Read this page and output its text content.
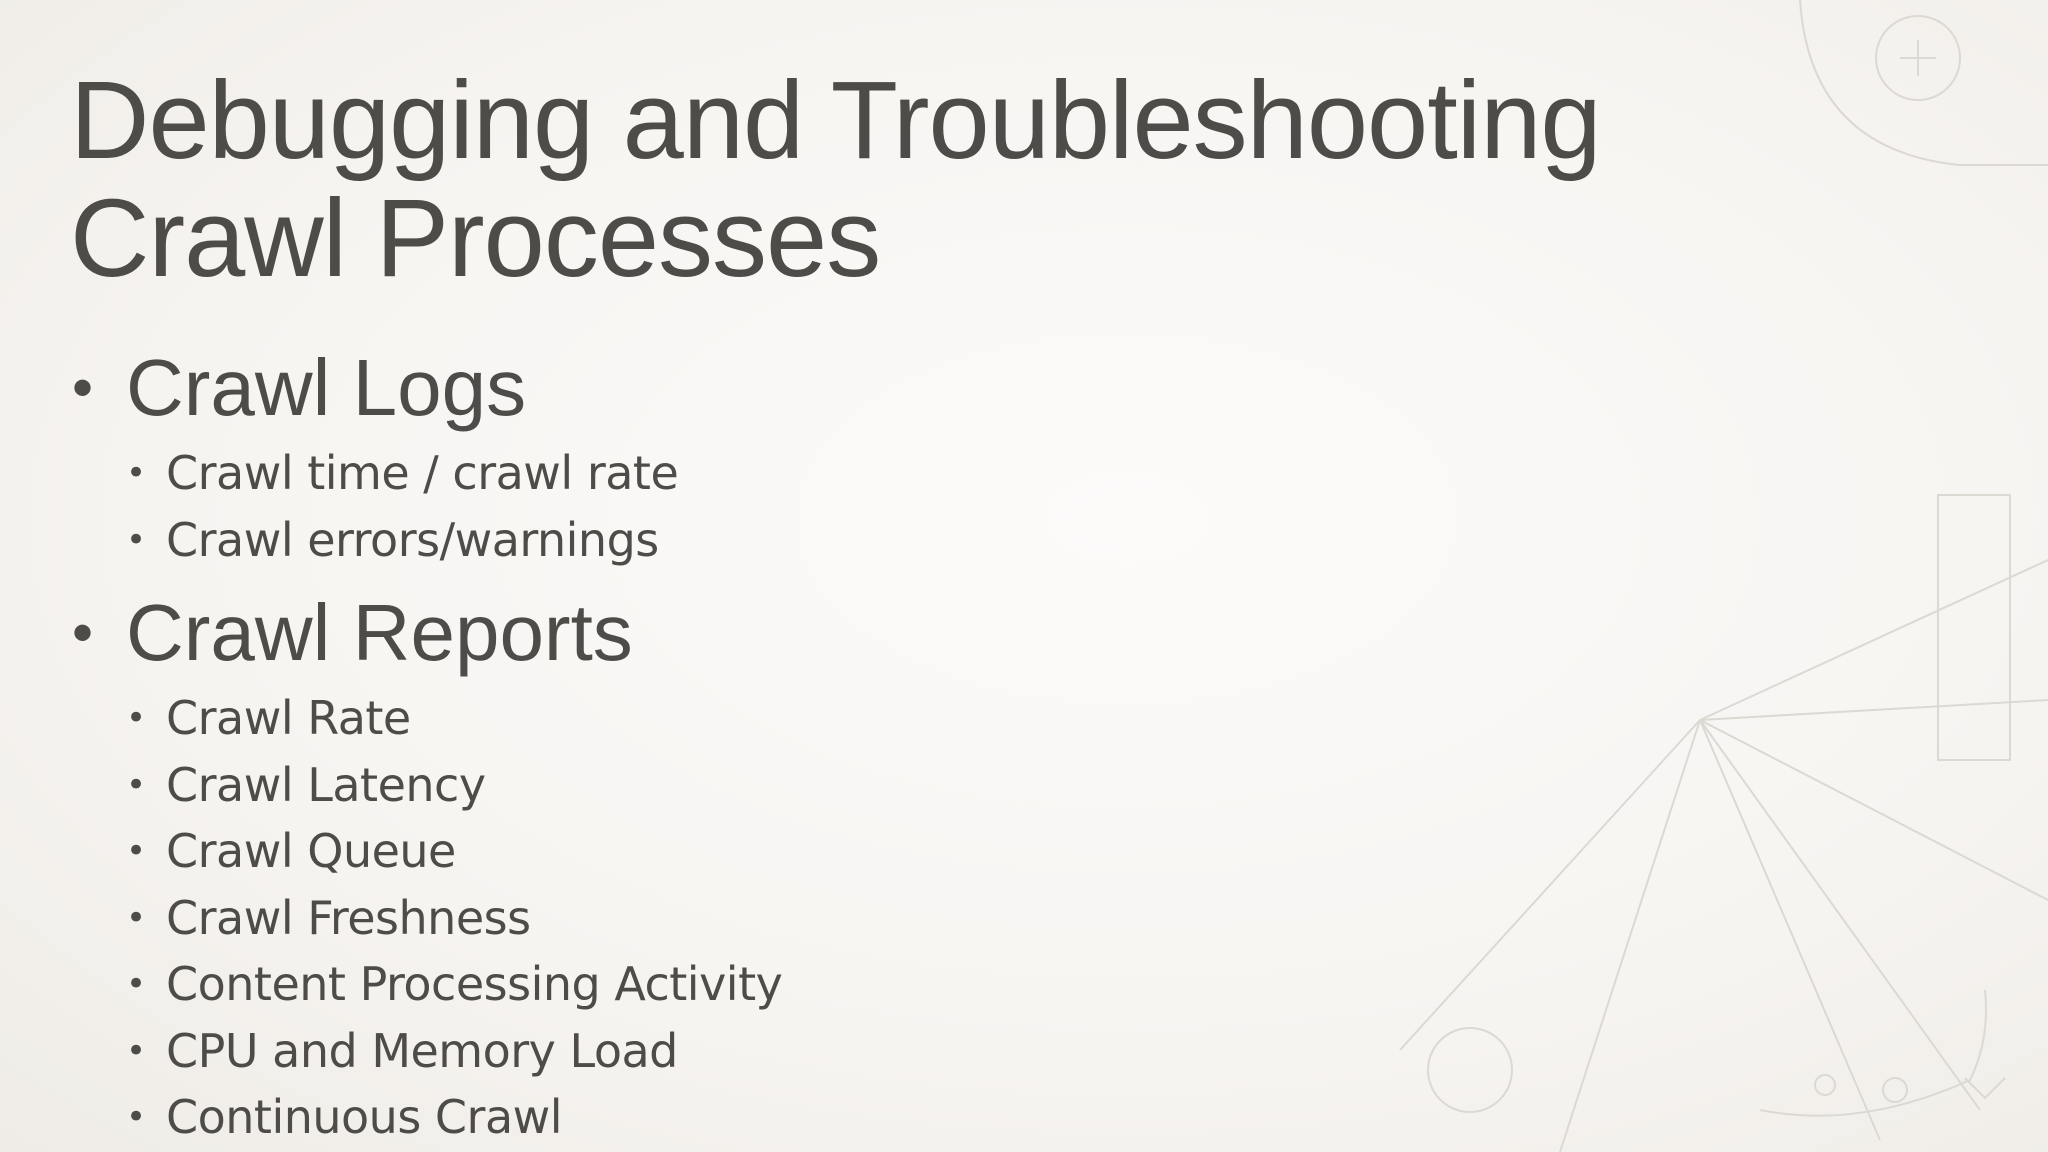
Debugging and Troubleshooting
Crawl Processes
• Crawl Logs
• Crawl time / crawl rate
• Crawl errors/warnings
• Crawl Reports
• Crawl Rate
• Crawl Latency
• Crawl Queue
• Crawl Freshness
• Content Processing Activity
• CPU and Memory Load
• Continuous Crawl
